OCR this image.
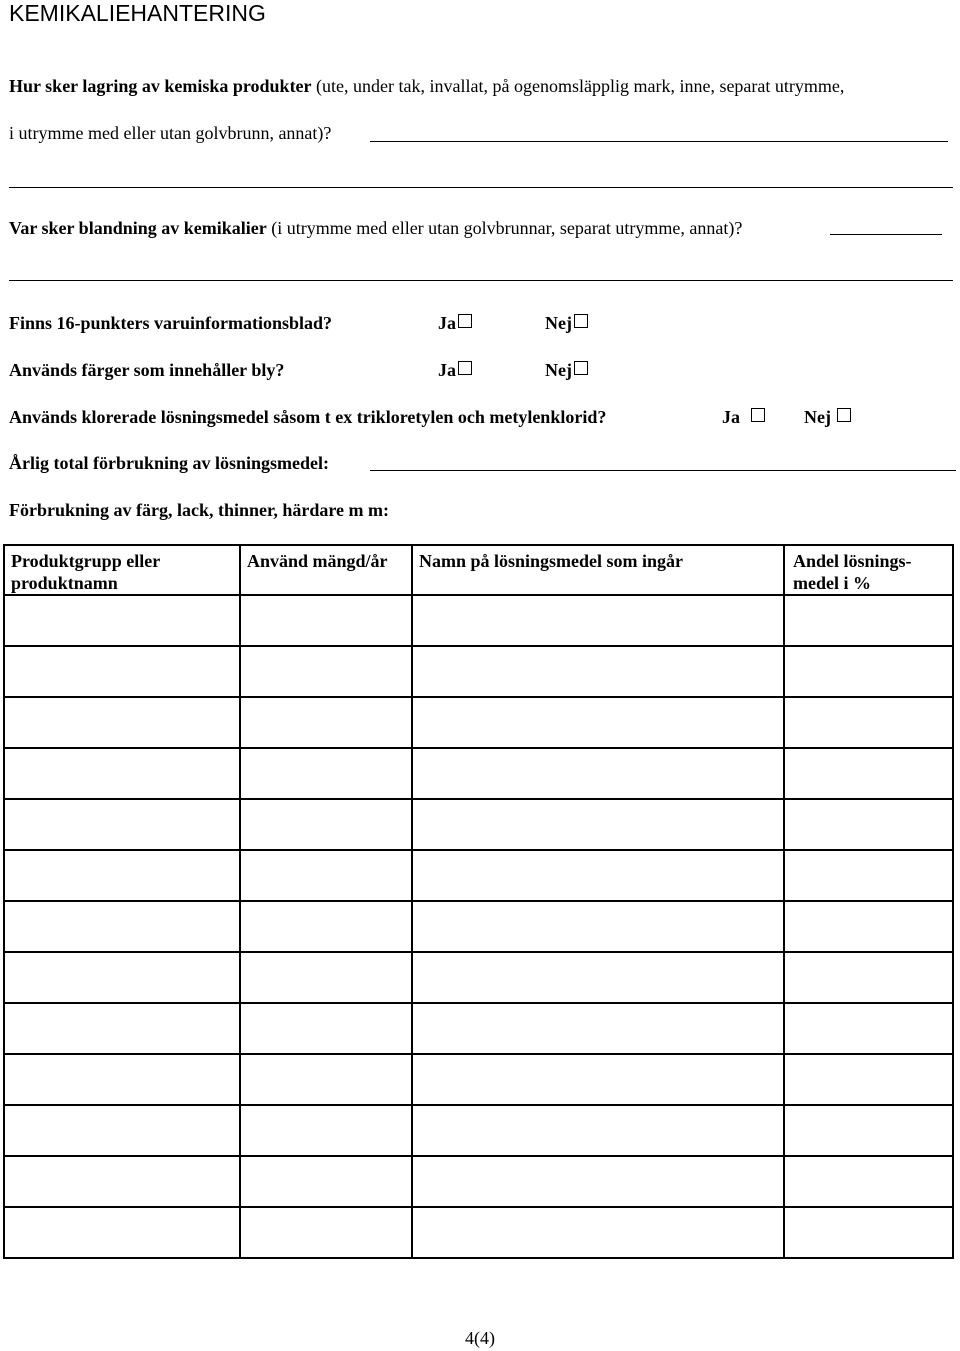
KEMIKALIEHANTERING
Hur sker lagring av kemiska produkter (ute, under tak, invallat, på ogenomsläpplig mark, inne, separat utrymme,
i utrymme med eller utan golvbrunn, annat)?
Var sker blandning av kemikalier (i utrymme med eller utan golvbrunnar, separat utrymme, annat)?
Finns 16-punkters varuinformationsblad?	Ja	Nej
Används färger som innehåller bly?	Ja	Nej
Används klorerade lösningsmedel såsom t ex trikloretylen och metylenklorid?	Ja	Nej
Årlig total förbrukning av lösningsmedel:
Förbrukning av färg, lack, thinner, härdare m m:
Produktgrupp eller produktnamn	Använd mängd/år	Namn på lösningsmedel som ingår	Andel lösnings-medel i %

4(4)
